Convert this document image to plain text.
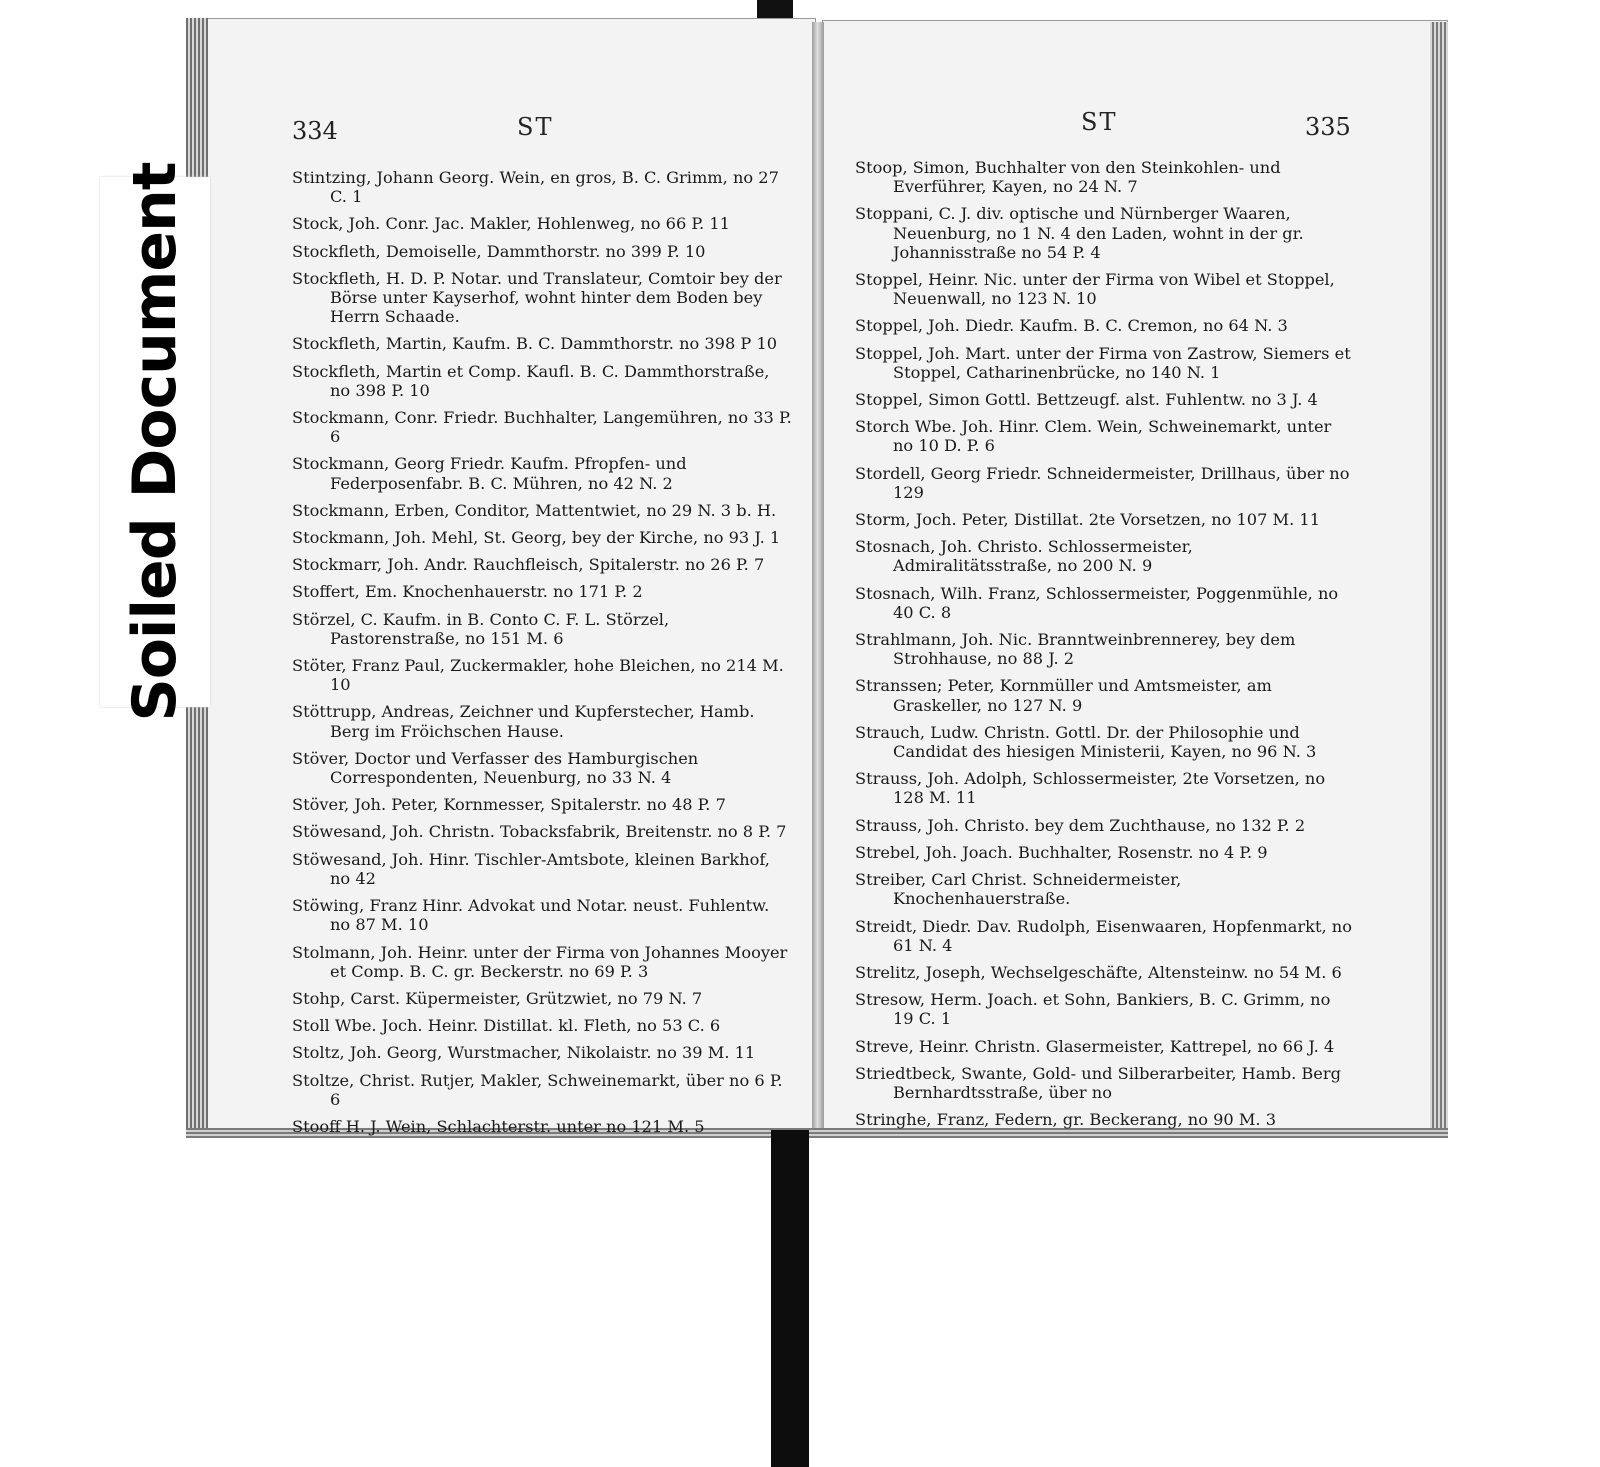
Soiled Document
334	ST	335
ST
Stintzing, Johann Georg. Wein, en gros, B. C. Grimm, no 27 C. 1
Stock, Joh. Conr. Jac. Makler, Hohlenweg, no 66 P. 11
Stockfleth, Demoiselle, Dammthorstr. no 399 P. 10
Stockfleth, H. D. P. Notar. und Translateur, Comtoir bey der Börse unter Kayserhof, wohnt hinter dem Boden bey Herrn Schaade.
Stockfleth, Martin, Kaufm. B. C. Dammthorstr. no 398 P 10
Stockfleth, Martin et Comp. Kaufl. B. C. Dammthorstraße, no 398 P. 10
Stockmann, Conr. Friedr. Buchhalter, Langemühren, no 33 P. 6
Stockmann, Georg Friedr. Kaufm. Pfropfen- und Federposenfabr. B. C. Mühren, no 42 N. 2
Stockmann, Erben, Conditor, Mattentwiet, no 29 N. 3 b. H.
Stockmann, Joh. Mehl, St. Georg, bey der Kirche, no 93 J. 1
Stockmarr, Joh. Andr. Rauchfleisch, Spitalerstr. no 26 P. 7
Stoffert, Em. Knochenhauerstr. no 171 P. 2
Störzel, C. Kaufm. in B. Conto C. F. L. Störzel, Pastorenstraße, no 151 M. 6
Stöter, Franz Paul, Zuckermakler, hohe Bleichen, no 214 M. 10
Stöttrupp, Andreas, Zeichner und Kupferstecher, Hamb. Berg im Fröichschen Hause.
Stöver, Doctor und Verfasser des Hamburgischen Correspondenten, Neuenburg, no 33 N. 4
Stöver, Joh. Peter, Kornmesser, Spitalerstr. no 48 P. 7
Stöwesand, Joh. Christn. Tobacksfabrik, Breitenstr. no 8 P. 7
Stöwesand, Joh. Hinr. Tischler-Amtsbote, kleinen Barkhof, no 42
Stöwing, Franz Hinr. Advokat und Notar. neust. Fuhlentw. no 87 M. 10
Stolmann, Joh. Heinr. unter der Firma von Johannes Mooyer et Comp. B. C. gr. Beckerstr. no 69 P. 3
Stohp, Carst. Küpermeister, Grützwiet, no 79 N. 7
Stoll Wbe. Joch. Heinr. Distillat. kl. Fleth, no 53 C. 6
Stoltz, Joh. Georg, Wurstmacher, Nikolaistr. no 39 M. 11
Stoltze, Christ. Rutjer, Makler, Schweinemarkt, über no 6 P. 6
Stooff H. J. Wein, Schlachterstr. unter no 121 M. 5
Stoop, Simon, Buchhalter von den Steinkohlen- und Everführer, Kayen, no 24 N. 7
Stoppani, C. J. div. optische und Nürnberger Waaren, Neuenburg, no 1 N. 4 den Laden, wohnt in der gr. Johannisstraße no 54 P. 4
Stoppel, Heinr. Nic. unter der Firma von Wibel et Stoppel, Neuenwall, no 123 N. 10
Stoppel, Joh. Diedr. Kaufm. B. C. Cremon, no 64 N. 3
Stoppel, Joh. Mart. unter der Firma von Zastrow, Siemers et Stoppel, Catharinenbrücke, no 140 N. 1
Stoppel, Simon Gottl. Bettzeugf. alst. Fuhlentw. no 3 J. 4
Storch Wbe. Joh. Hinr. Clem. Wein, Schweinemarkt, unter no 10 D. P. 6
Stordell, Georg Friedr. Schneidermeister, Drillhaus, über no 129
Storm, Joch. Peter, Distillat. 2te Vorsetzen, no 107 M. 11
Stosnach, Joh. Christo. Schlossermeister, Admiralitätsstraße, no 200 N. 9
Stosnach, Wilh. Franz, Schlossermeister, Poggenmühle, no 40 C. 8
Strahlmann, Joh. Nic. Branntweinbrennerey, bey dem Strohhause, no 88 J. 2
Stranssen; Peter, Kornmüller und Amtsmeister, am Graskeller, no 127 N. 9
Strauch, Ludw. Christn. Gottl. Dr. der Philosophie und Candidat des hiesigen Ministerii, Kayen, no 96 N. 3
Strauss, Joh. Adolph, Schlossermeister, 2te Vorsetzen, no 128 M. 11
Strauss, Joh. Christo. bey dem Zuchthause, no 132 P. 2
Strebel, Joh. Joach. Buchhalter, Rosenstr. no 4 P. 9
Streiber, Carl Christ. Schneidermeister, Knochenhauerstraße.
Streidt, Diedr. Dav. Rudolph, Eisenwaaren, Hopfenmarkt, no 61 N. 4
Strelitz, Joseph, Wechselgeschäfte, Altensteinw. no 54 M. 6
Stresow, Herm. Joach. et Sohn, Bankiers, B. C. Grimm, no 19 C. 1
Streve, Heinr. Christn. Glasermeister, Kattrepel, no 66 J. 4
Striedtbeck, Swante, Gold- und Silberarbeiter, Hamb. Berg Bernhardtsstraße, über no
Stringhe, Franz, Federn, gr. Beckerang, no 90 M. 3
